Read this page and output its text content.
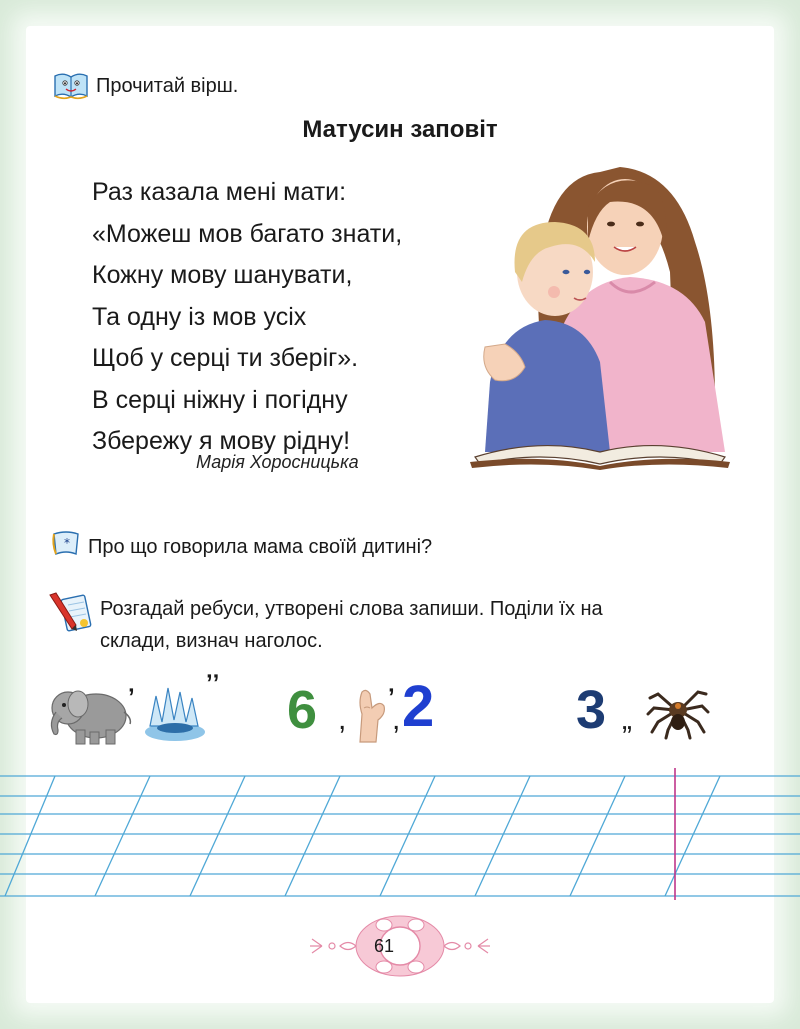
Прочитай вірш.
Матусин заповіт
Раз казала мені мати:
«Можеш мов багато знати,
Кожну мову шанувати,
Та одну із мов усіх
Щоб у серці ти зберіг».
В серці ніжну і погідну
Збережу я мову рідну!
Марія Хоросницька
* Про що говорила мама своїй дитині?
Розгадай ребуси, утворені слова запиши. Поділи їх на
склади, визнач наголос.
ʼ
ʼʼ 6 ,
ʼ
, 2	3 „
61
